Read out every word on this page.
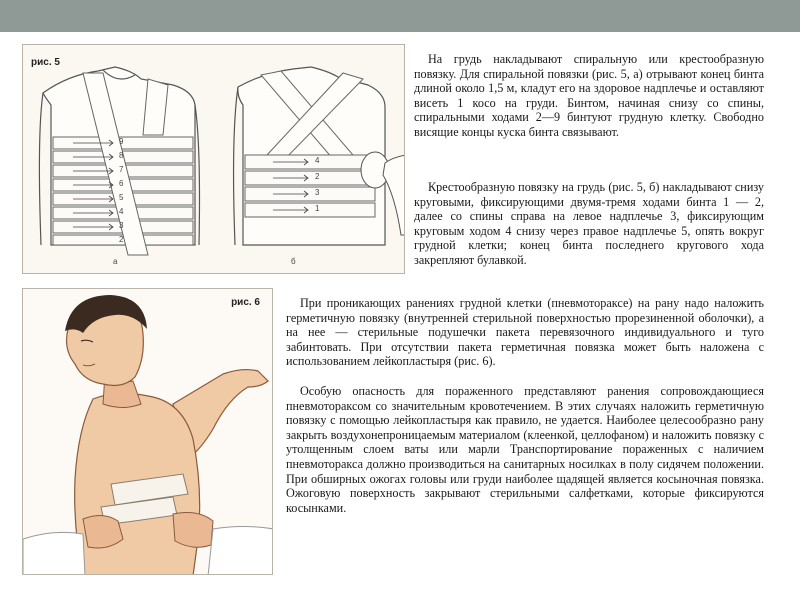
рис. 5
а	б
9
8
7
6
5
4
3
2
4
2
3
1
рис. 6

На грудь накладывают спиральную или крестообразную повязку. Для спиральной повязки (рис. 5, а) отрывают конец бинта длиной около 1,5 м, кладут его на здоровое надплечье и оставляют висеть 1 косо на груди. Бинтом, начиная снизу со спины, спиральными ходами 2—9 бинтуют грудную клетку. Свободно висящие концы куска бинта связывают.

Крестообразную повязку на грудь (рис. 5, б) накладывают снизу круговыми, фиксирующими двумя-тремя ходами бинта 1 — 2, далее со спины справа на левое надплечье 3, фиксирующим круговым ходом 4 снизу через правое надплечье 5, опять вокруг грудной клетки; конец бинта последнего кругового хода закрепляют булавкой.

При проникающих ранениях грудной клетки (пневмотораксе) на рану надо наложить герметичную повязку (внутренней стерильной поверхностью прорезиненной оболочки), а на нее — стерильные подушечки пакета перевязочного индивидуального и туго забинтовать. При отсутствии пакета герметичная повязка может быть наложена с использованием лейкопластыря (рис. 6).

Особую опасность для пораженного представляют ранения сопровождающиеся пневмотораксом со значительным кровотечением. В этих случаях наложить герметичную повязку с помощью лейкопластыря как правило, не удается. Наиболее целесообразно рану закрыть воздухонепроницаемым материалом (клеенкой, целлофаном) и наложить повязку с утолщенным слоем ваты или марли Транспортирование пораженных с наличием пневмоторакса должно производиться на санитарных носилках в полу сидячем положении. При обширных ожогах головы или груди наиболее щадящей является косыночная повязка. Ожоговую поверхность закрывают стерильными салфетками, которые фиксируются косынками.
